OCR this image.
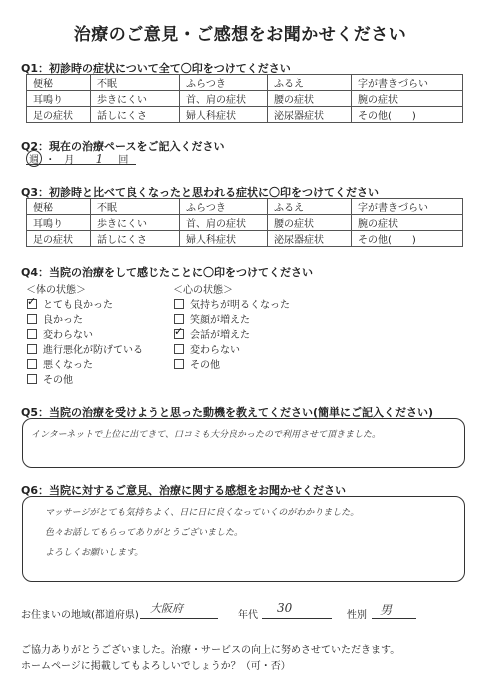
治療のご意見・ご感想をお聞かせください
Q1：初診時の症状について全て〇印をつけてください
便秘	不眠	ふらつき	ふるえ	字が書きづらい
耳鳴り	歩きにくい	首、肩の症状	腰の症状	腕の症状
足の症状	話しにくさ	婦人科症状	泌尿器症状	その他(　　)
Q2：現在の治療ペースをご記入ください
週 ・ 月 1 回
Q3：初診時と比べて良くなったと思われる症状に〇印をつけてください
便秘	不眠	ふらつき	ふるえ	字が書きづらい
耳鳴り	歩きにくい	首、肩の症状	腰の症状	腕の症状
足の症状	話しにくさ	婦人科症状	泌尿器症状	その他(　　)
Q4：当院の治療をして感じたことに〇印をつけてください
＜体の状態＞	＜心の状態＞
✓とても良かった
良かった
変わらない
進行悪化が防げている
悪くなった
その他
気持ちが明るくなった
笑顔が増えた
✓会話が増えた
変わらない
その他
Q5：当院の治療を受けようと思った動機を教えてください(簡単にご記入ください)
インターネットで上位に出てきて、口コミも大分良かったので利用させて頂きました。
Q6：当院に対するご意見、治療に関する感想をお聞かせください
マッサージがとても気持ちよく、日に日に良くなっていくのがわかりました。
色々お話してもらってありがとうございました。
よろしくお願いします。
お住まいの地域(都道府県)
大阪府
年代
30
性別 男
ご協力ありがとうございました。治療・サービスの向上に努めさせていただきます。
ホームページに掲載してもよろしいでしょうか？（可・否）
